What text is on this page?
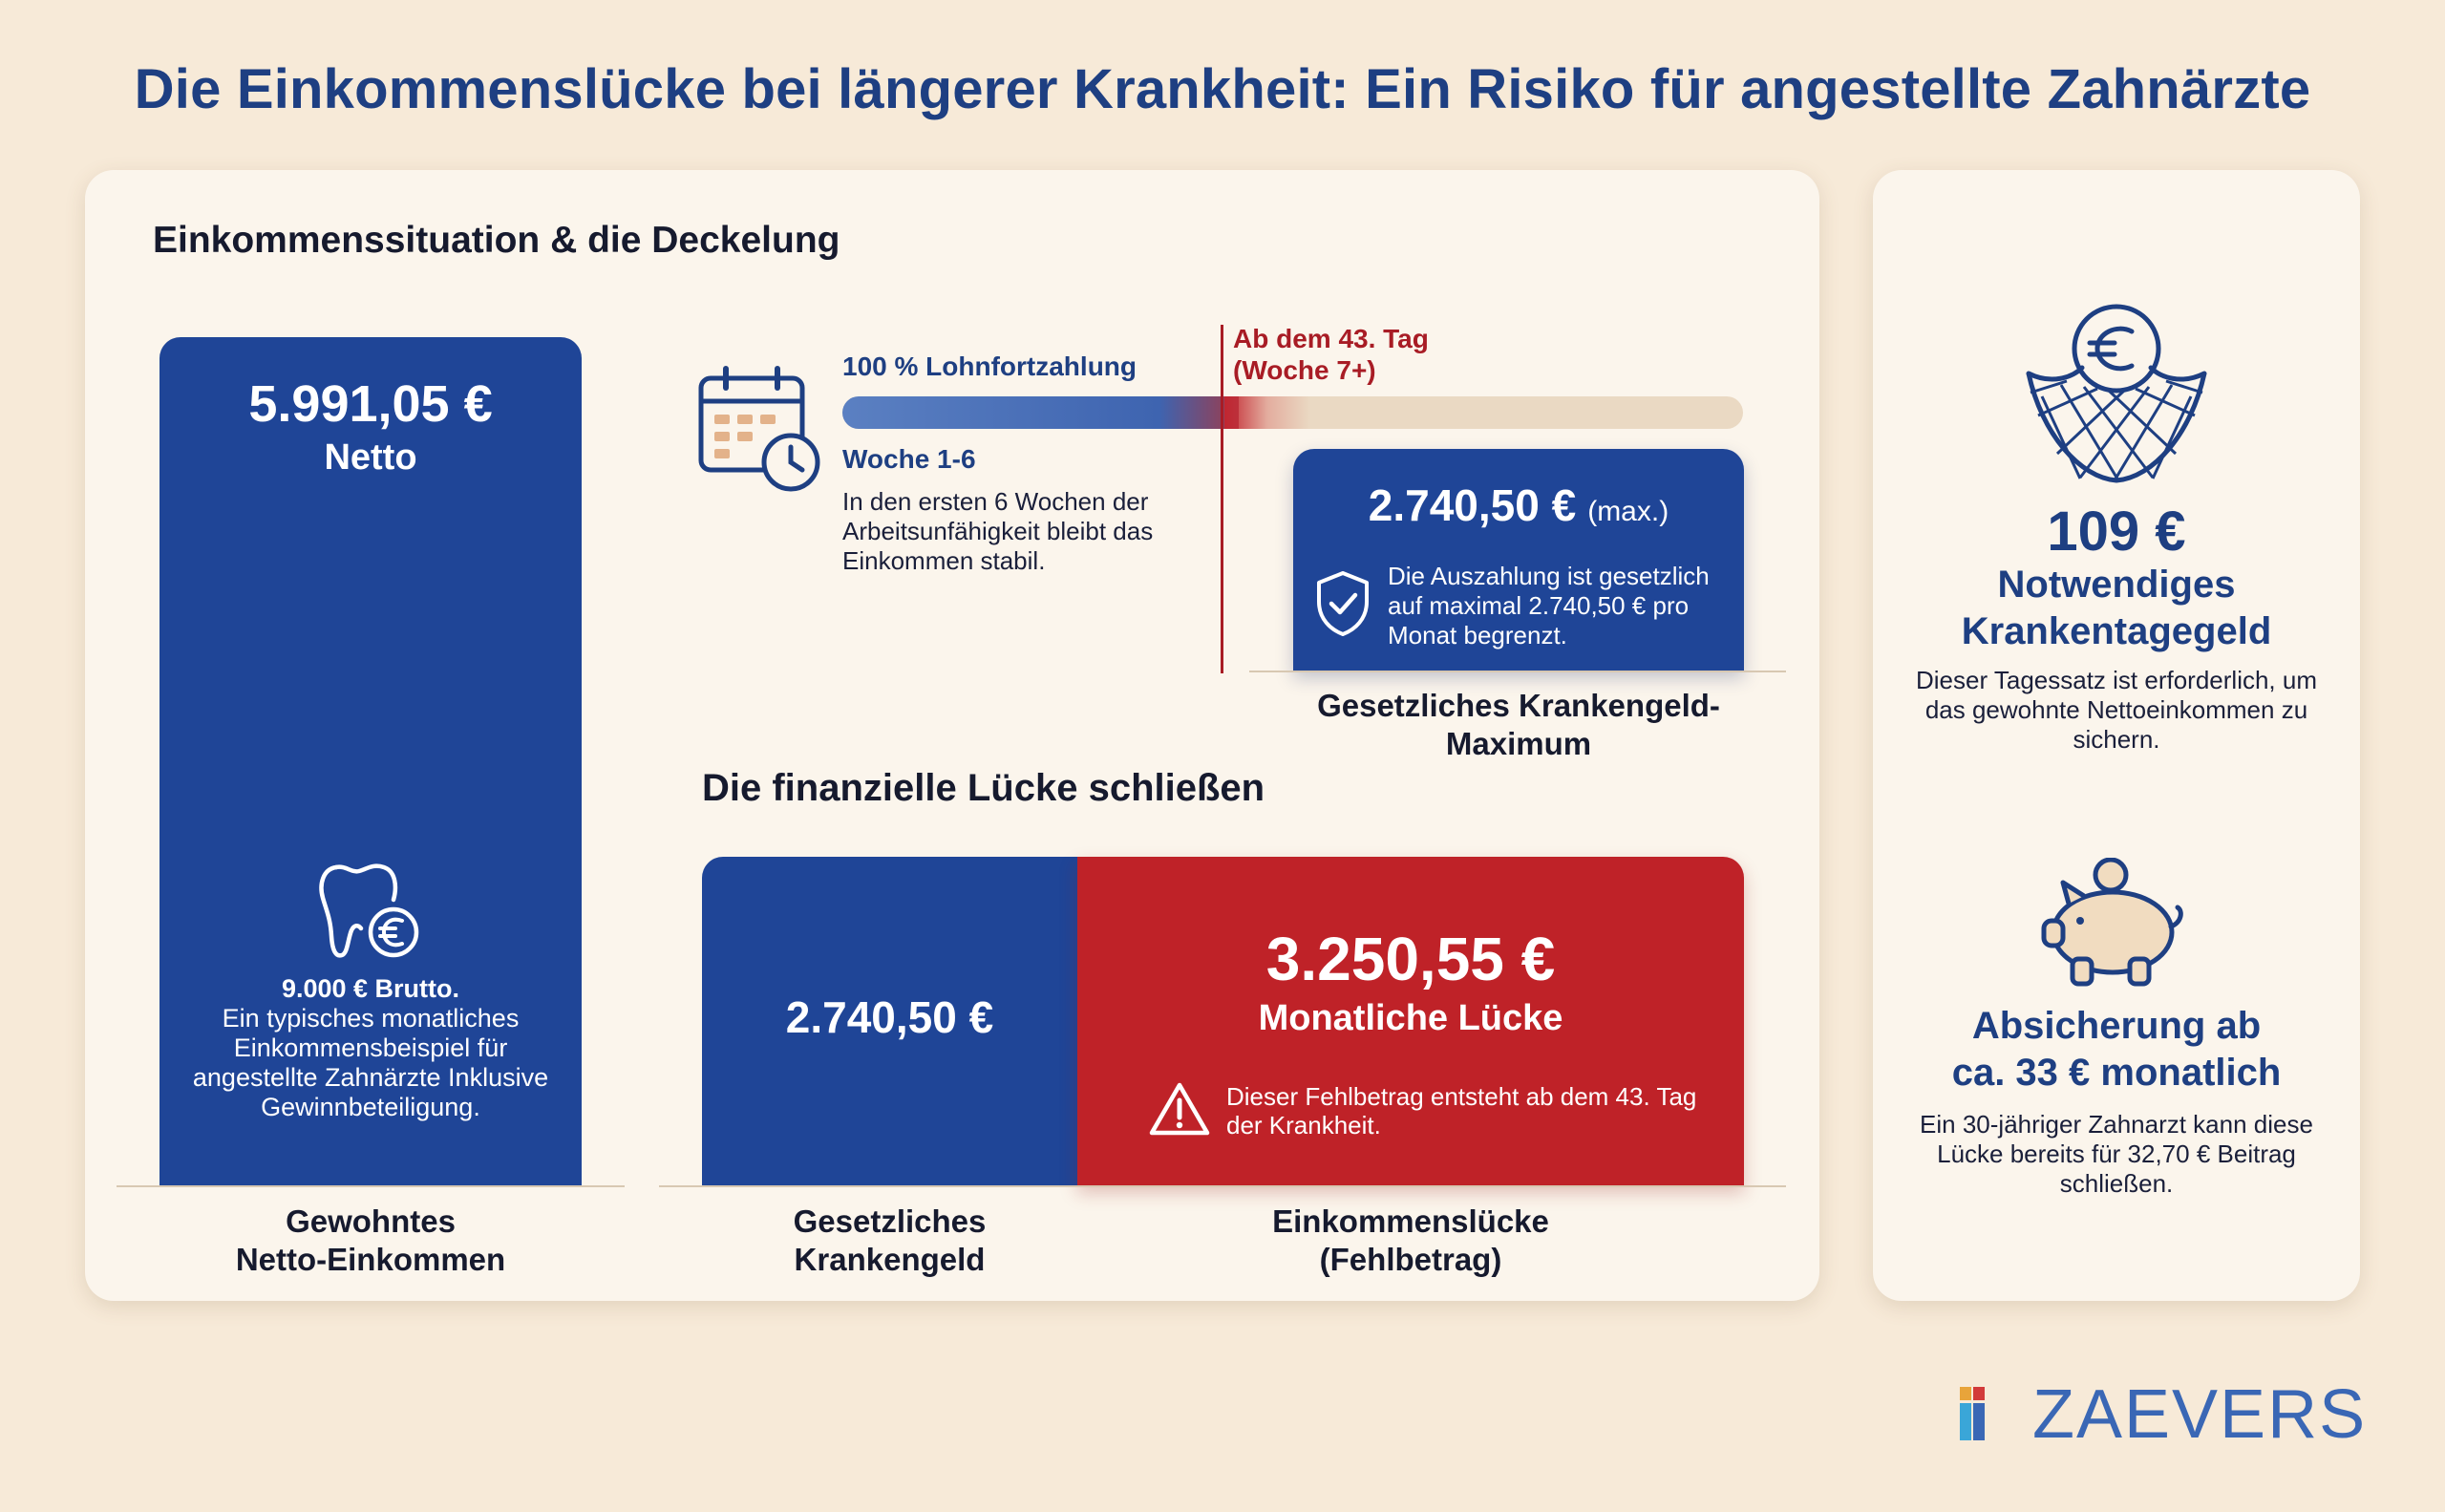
Die Einkommenslücke bei längerer Krankheit: Ein Risiko für angestellte Zahnärzte
Einkommenssituation & die Deckelung
5.991,05 €
Netto
9.000 € Brutto.
Ein typisches monatliches Einkommensbeispiel für angestellte Zahnärzte Inklusive Gewinnbeteiligung.
Gewohntes
Netto-Einkommen
100 % Lohnfortzahlung
Ab dem 43. Tag
(Woche 7+)
Woche 1-6
In den ersten 6 Wochen der Arbeitsunfähigkeit bleibt das Einkommen stabil.
2.740,50 € (max.)
Die Auszahlung ist gesetzlich auf maximal 2.740,50 € pro Monat begrenzt.
Gesetzliches Krankengeld-
Maximum
Die finanzielle Lücke schließen
2.740,50 €
3.250,55 €
Monatliche Lücke
Dieser Fehlbetrag entsteht ab dem 43. Tag der Krankheit.
Gesetzliches
Krankengeld
Einkommenslücke
(Fehlbetrag)
109 €
Notwendiges
Krankentagegeld
Dieser Tagessatz ist erforderlich, um das gewohnte Nettoeinkommen zu sichern.
Absicherung ab
ca. 33 € monatlich
Ein 30-jähriger Zahnarzt kann diese Lücke bereits für 32,70 € Beitrag schließen.
ZAEVERS
